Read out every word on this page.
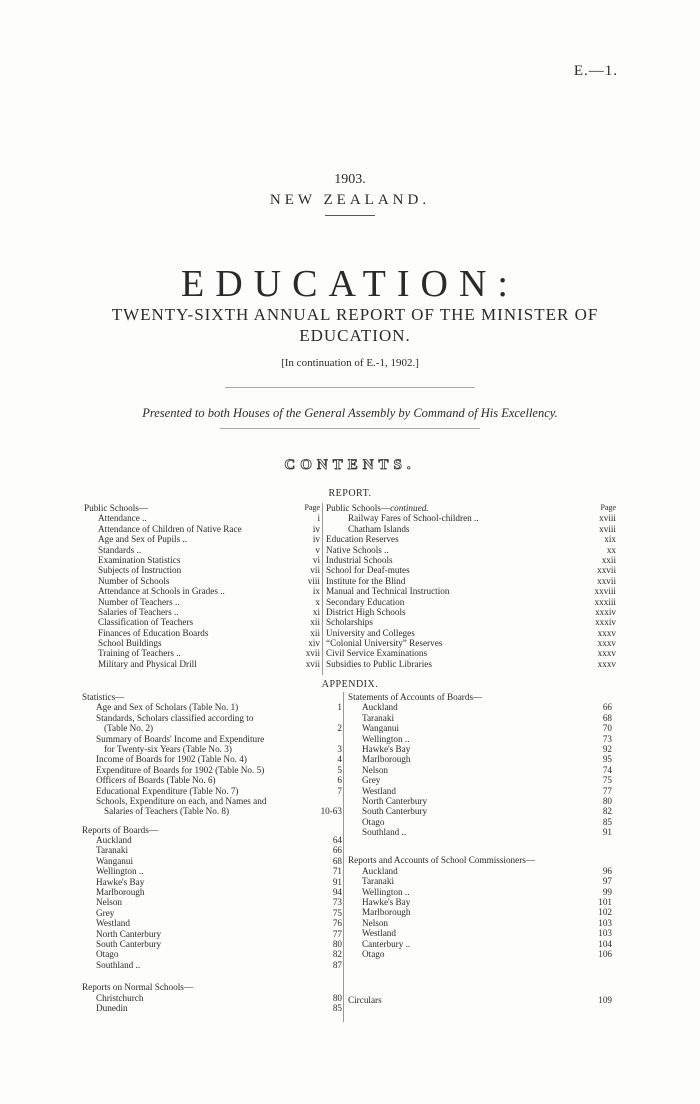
E.—1.
1903.
NEW ZEALAND.
EDUCATION:
TWENTY-SIXTH ANNUAL REPORT OF THE MINISTER OF EDUCATION.
[In continuation of E.-1, 1902.]
Presented to both Houses of the General Assembly by Command of His Excellency.
CONTENTS.
REPORT.
Public Schools—	Page
Attendance ..	i
Attendance of Children of Native Race	iv
Age and Sex of Pupils ..	iv
Standards ..	v
Examination Statistics	vi
Subjects of Instruction	vii
Number of Schools	viii
Attendance at Schools in Grades ..	ix
Number of Teachers ..	x
Salaries of Teachers ..	xi
Classification of Teachers	xii
Finances of Education Boards	xii
School Buildings	xiv
Training of Teachers ..	xvii
Military and Physical Drill	xvii
Public Schools—continued.	Page
Railway Fares of School-children ..	xviii
Chatham Islands	xviii
Education Reserves	xix
Native Schools ..	xx
Industrial Schools	xxii
School for Deaf-mutes	xxvii
Institute for the Blind	xxvii
Manual and Technical Instruction	xxviii
Secondary Education	xxxiii
District High Schools	xxxiv
Scholarships	xxxiv
University and Colleges	xxxv
“Colonial University” Reserves	xxxv
Civil Service Examinations	xxxv
Subsidies to Public Libraries	xxxv
APPENDIX.
Statistics—
Age and Sex of Scholars (Table No. 1)	1
Standards, Scholars classified according to
(Table No. 2)	2
Summary of Boards' Income and Expenditure
for Twenty-six Years (Table No. 3)	3
Income of Boards for 1902 (Table No. 4)	4
Expenditure of Boards for 1902 (Table No. 5)	5
Officers of Boards (Table No. 6)	6
Educational Expenditure (Table No. 7)	7
Schools, Expenditure on each, and Names and
Salaries of Teachers (Table No. 8)	10-63
Reports of Boards—
Auckland	64
Taranaki	66
Wanganui	68
Wellington ..	71
Hawke's Bay	91
Marlborough	94
Nelson	73
Grey	75
Westland	76
North Canterbury	77
South Canterbury	80
Otago	82
Southland ..	87
Reports on Normal Schools—
Christchurch	80
Dunedin	85
Statements of Accounts of Boards—
Auckland	66
Taranaki	68
Wanganui	70
Wellington ..	73
Hawke's Bay	92
Marlborough	95
Nelson	74
Grey	75
Westland	77
North Canterbury	80
South Canterbury	82
Otago	85
Southland ..	91
Reports and Accounts of School Commissioners—
Auckland	96
Taranaki	97
Wellington ..	99
Hawke's Bay	101
Marlborough	102
Nelson	103
Westland	103
Canterbury ..	104
Otago	106
Circulars	109
